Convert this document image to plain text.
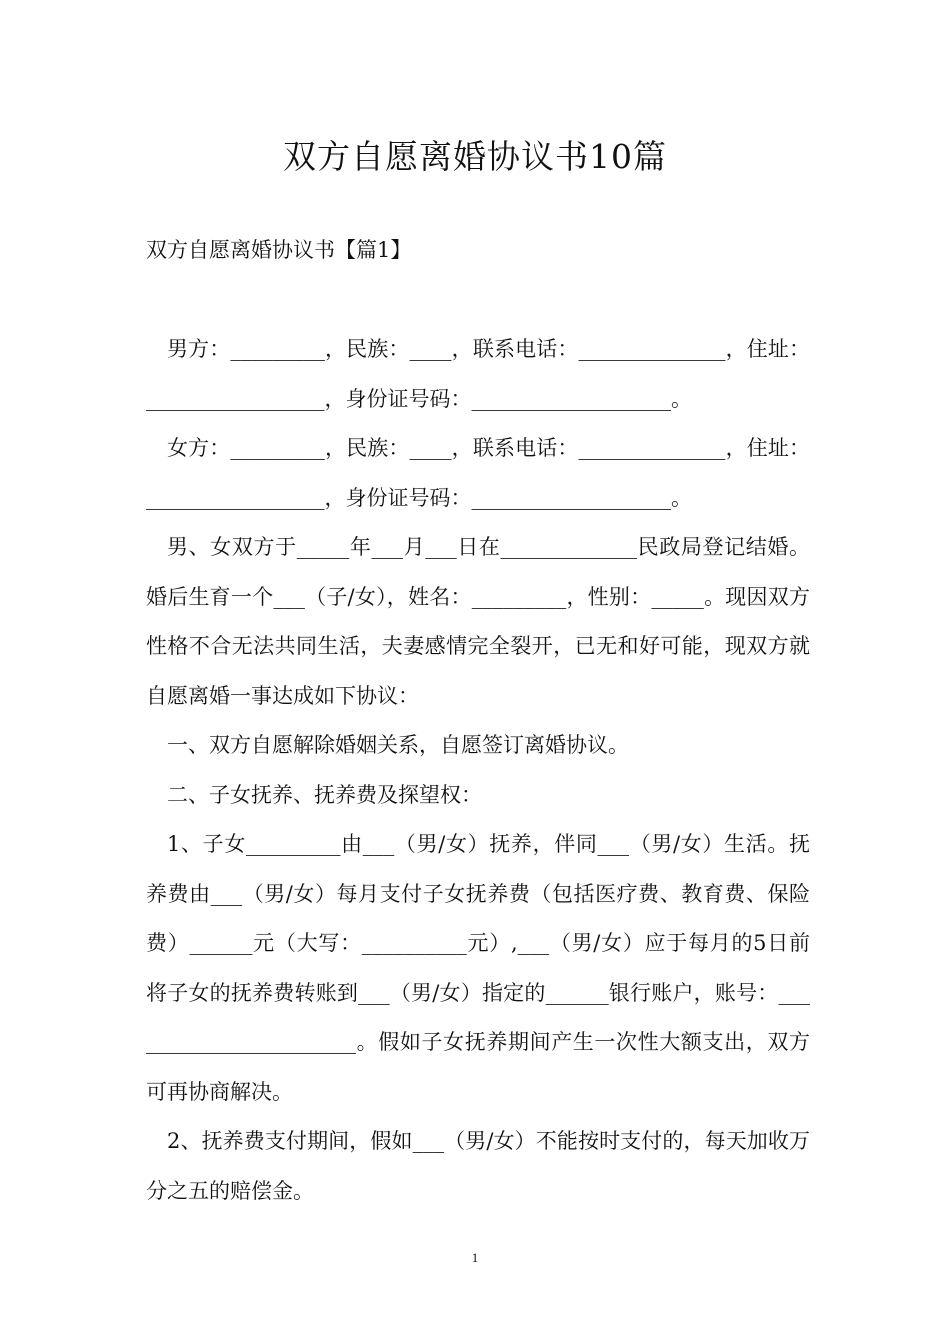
双方自愿离婚协议书10篇
双方自愿离婚协议书【篇1】

男方：_________，民族：____，联系电话：______________，住址：_________________，身份证号码：___________________。

女方：_________，民族：____，联系电话：______________，住址：_________________，身份证号码：___________________。

男、女双方于_____年___月___日在_____________民政局登记结婚。婚后生育一个___（子/女），姓名：_________，性别：_____。现因双方性格不合无法共同生活，夫妻感情完全裂开，已无和好可能，现双方就自愿离婚一事达成如下协议：

一、双方自愿解除婚姻关系，自愿签订离婚协议。

二、子女抚养、抚养费及探望权：

1、子女_________由___（男/女）抚养，伴同___（男/女）生活。抚养费由___（男/女）每月支付子女抚养费（包括医疗费、教育费、保险费）______元（大写：__________元）,___（男/女）应于每月的5日前将子女的抚养费转账到___（男/女）指定的______银行账户，账号：_______________________。假如子女抚养期间产生一次性大额支出，双方可再协商解决。

2、抚养费支付期间，假如___（男/女）不能按时支付的，每天加收万分之五的赔偿金。

1
